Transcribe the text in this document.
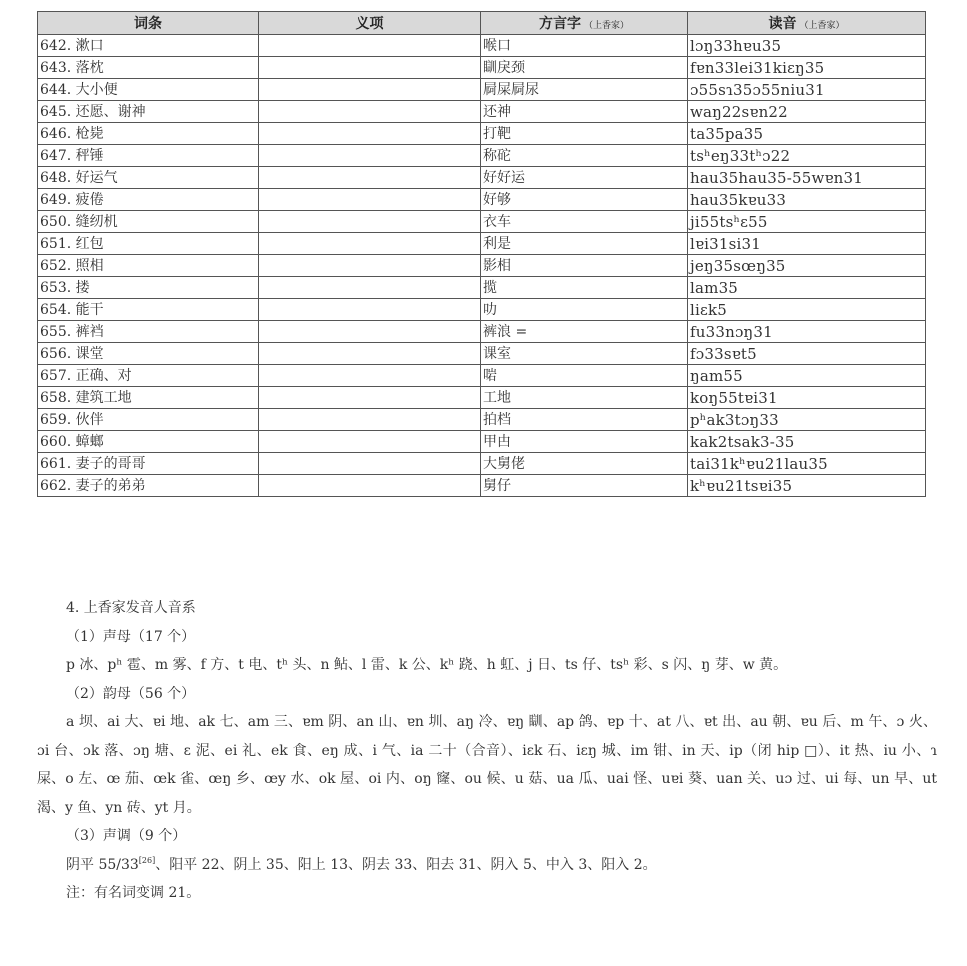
词条	义项	方言字 （上香家）	读音 （上香家）
642. 漱口		喉口	lɔŋ33hɐu35
643. 落枕		瞓戾颈	fɐn33lei31kiɛŋ35
644. 大小便		屙屎屙尿	ɔ55sɿ35ɔ55niu31
645. 还愿、谢神		还神	waŋ22sɐn22
646. 枪毙		打靶	ta35pa35
647. 秤锤		称砣	tsʰeŋ33tʰɔ22
648. 好运气		好好运	hau35hau35-55wɐn31
649. 疲倦		好够	hau35kɐu33
650. 缝纫机		衣车	ji55tsʰɛ55
651. 红包		利是	lɐi31si31
652. 照相		影相	jeŋ35sœŋ35
653. 搂		揽	lam35
654. 能干		叻	liɛk5
655. 裤裆		裤浪 =	fu33nɔŋ31
656. 课堂		课室	fɔ33sɐt5
657. 正确、对		啱	ŋam55
658. 建筑工地		工地	koŋ55tɐi31
659. 伙伴		拍档	pʰak3tɔŋ33
660. 蟑螂		甲甴	kak2tsak3-35
661. 妻子的哥哥		大舅佬	tai31kʰɐu21lau35
662. 妻子的弟弟		舅仔	kʰɐu21tsɐi35

4. 上香家发音人音系

（1）声母（17 个）

p 冰、pʰ 雹、m 雾、f 方、t 电、tʰ 头、n 鲇、l 雷、k 公、kʰ 跷、h 虹、j 日、ts 仔、tsʰ 彩、s 闪、ŋ 芽、w 黄。

（2）韵母（56 个）

a 坝、ai 大、ɐi 地、ak 七、am 三、ɐm 阴、an 山、ɐn 圳、aŋ 冷、ɐŋ 瞓、ap 鸽、ɐp 十、at 八、ɐt 出、au 朝、ɐu 后、m 午、ɔ 火、ɔi 台、ɔk 落、ɔŋ 塘、ɛ 泥、ei 礼、ek 食、eŋ 成、i 气、ia 二十（合音）、iɛk 石、iɛŋ 城、im 钳、in 天、ip（闭 hip □）、it 热、iu 小、ɿ 屎、o 左、œ 茄、œk 雀、œŋ 乡、œy 水、ok 屋、oi 内、oŋ 窿、ou 候、u 菇、ua 瓜、uai 怪、uɐi 葵、uan 关、uɔ 过、ui 每、un 早、ut 渴、y 鱼、yn 砖、yt 月。

（3）声调（9 个）

阴平 55/33[26]、阳平 22、阴上 35、阳上 13、阴去 33、阳去 31、阴入 5、中入 3、阳入 2。

注：有名词变调 21。
